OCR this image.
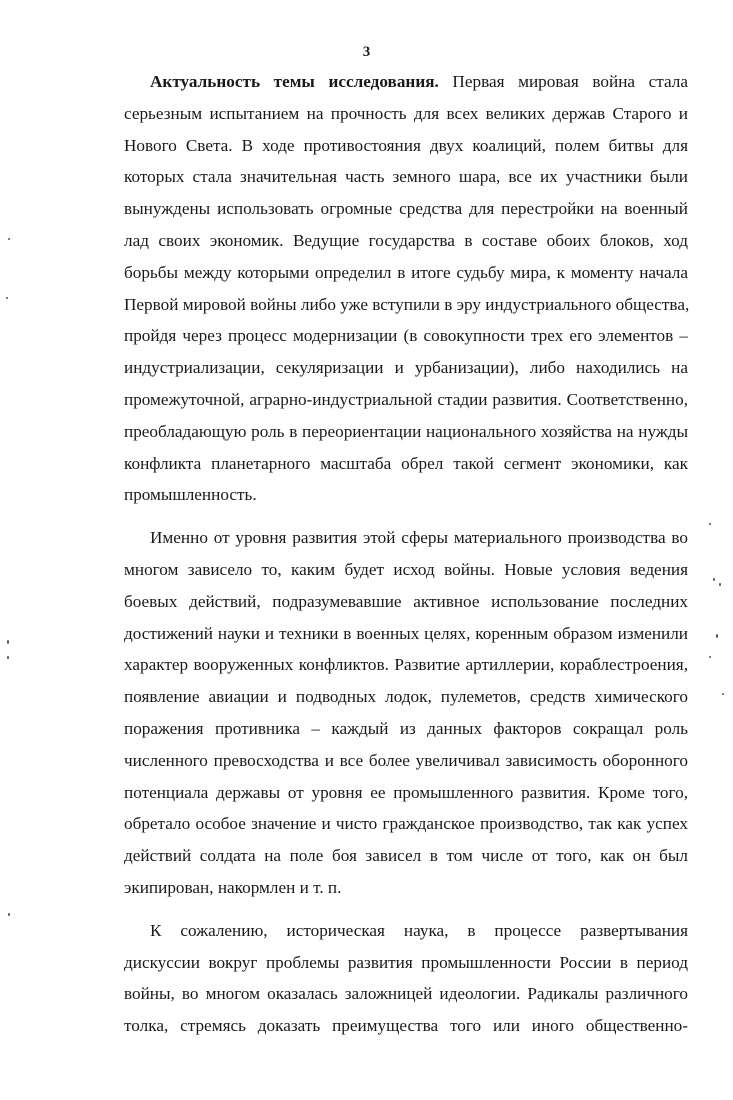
3
Актуальность темы исследования. Первая мировая война стала
серьезным испытанием на прочность для всех великих держав Старого и
Нового Света. В ходе противостояния двух коалиций, полем битвы для
которых стала значительная часть земного шара, все их участники были
вынуждены использовать огромные средства для перестройки на военный
лад своих экономик. Ведущие государства в составе обоих блоков, ход
борьбы между которыми определил в итоге судьбу мира, к моменту начала
Первой мировой войны либо уже вступили в эру индустриального общества,
пройдя через процесс модернизации (в совокупности трех его элементов –
индустриализации, секуляризации и урбанизации), либо находились на
промежуточной, аграрно-индустриальной стадии развития. Соответственно,
преобладающую роль в переориентации национального хозяйства на нужды
конфликта планетарного масштаба обрел такой сегмент экономики, как
промышленность.
Именно от уровня развития этой сферы материального производства во
многом зависело то, каким будет исход войны. Новые условия ведения
боевых действий, подразумевавшие активное использование последних
достижений науки и техники в военных целях, коренным образом изменили
характер вооруженных конфликтов. Развитие артиллерии, кораблестроения,
появление авиации и подводных лодок, пулеметов, средств химического
поражения противника – каждый из данных факторов сокращал роль
численного превосходства и все более увеличивал зависимость оборонного
потенциала державы от уровня ее промышленного развития. Кроме того,
обретало особое значение и чисто гражданское производство, так как успех
действий солдата на поле боя зависел в том числе от того, как он был
экипирован, накормлен и т. п.
К сожалению, историческая наука, в процессе развертывания
дискуссии вокруг проблемы развития промышленности России в период
войны, во многом оказалась заложницей идеологии. Радикалы различного
толка, стремясь доказать преимущества того или иного общественно-
